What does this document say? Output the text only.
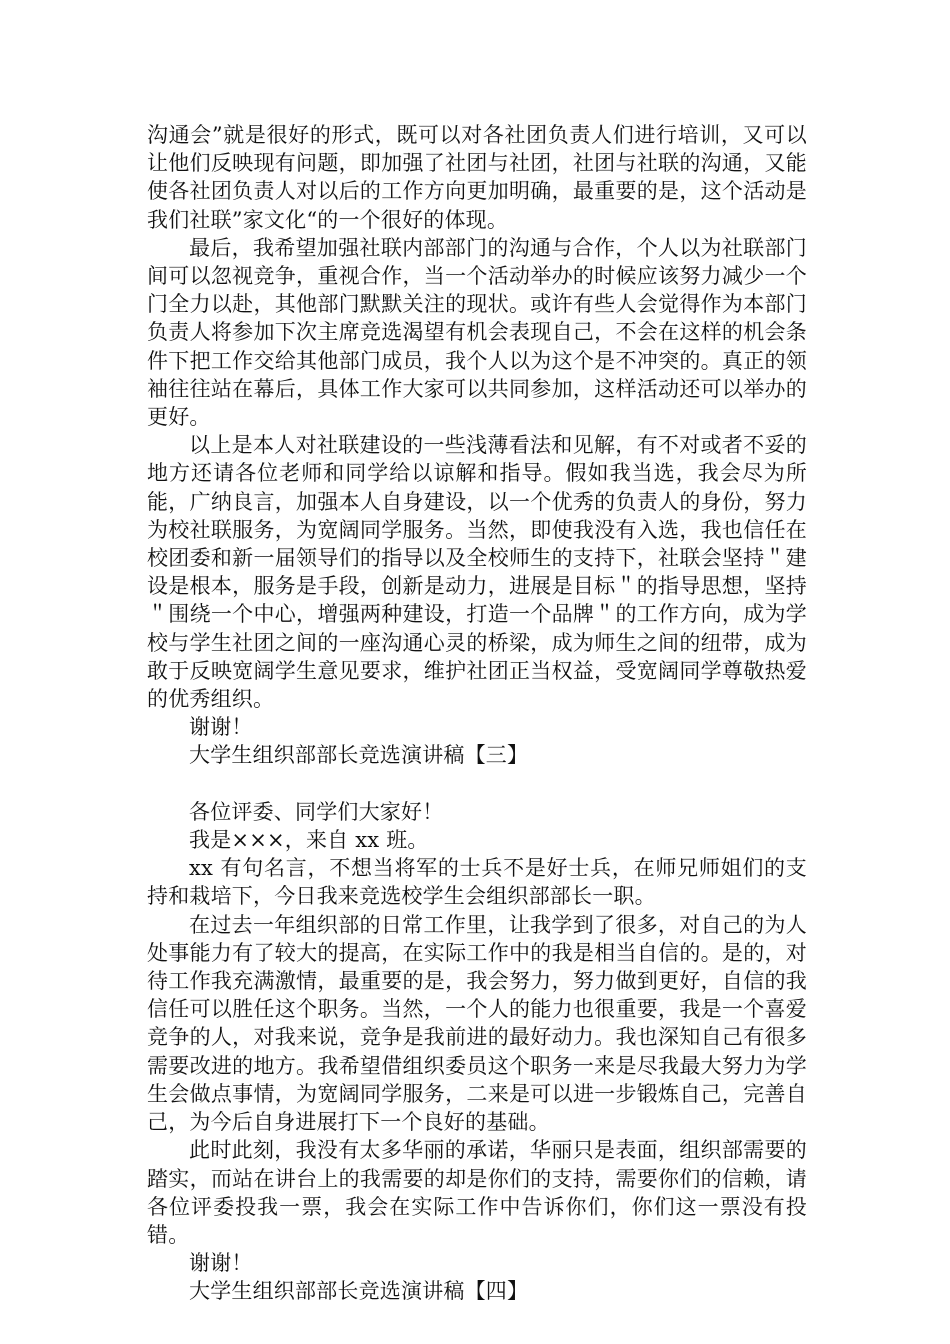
沟通会”就是很好的形式，既可以对各社团负责人们进行培训，又可以让他们反映现有问题，即加强了社团与社团，社团与社联的沟通，又能使各社团负责人对以后的工作方向更加明确，最重要的是，这个活动是我们社联”家文化“的一个很好的体现。

最后，我希望加强社联内部部门的沟通与合作，个人以为社联部门间可以忽视竞争，重视合作，当一个活动举办的时候应该努力减少一个门全力以赴，其他部门默默关注的现状。或许有些人会觉得作为本部门负责人将参加下次主席竞选渴望有机会表现自己，不会在这样的机会条件下把工作交给其他部门成员，我个人以为这个是不冲突的。真正的领袖往往站在幕后，具体工作大家可以共同参加，这样活动还可以举办的更好。

以上是本人对社联建设的一些浅薄看法和见解，有不对或者不妥的地方还请各位老师和同学给以谅解和指导。假如我当选，我会尽为所能，广纳良言，加强本人自身建设，以一个优秀的负责人的身份，努力为校社联服务，为宽阔同学服务。当然，即使我没有入选，我也信任在校团委和新一届领导们的指导以及全校师生的支持下，社联会坚持＂建设是根本，服务是手段，创新是动力，进展是目标＂的指导思想，坚持＂围绕一个中心，增强两种建设，打造一个品牌＂的工作方向，成为学校与学生社团之间的一座沟通心灵的桥梁，成为师生之间的纽带，成为敢于反映宽阔学生意见要求，维护社团正当权益，受宽阔同学尊敬热爱的优秀组织。

谢谢！

大学生组织部部长竞选演讲稿【三】

各位评委、同学们大家好！

我是×××，来自 xx 班。

xx 有句名言，不想当将军的士兵不是好士兵，在师兄师姐们的支持和栽培下，今日我来竞选校学生会组织部部长一职。

在过去一年组织部的日常工作里，让我学到了很多，对自己的为人处事能力有了较大的提高，在实际工作中的我是相当自信的。是的，对待工作我充满激情，最重要的是，我会努力，努力做到更好，自信的我信任可以胜任这个职务。当然，一个人的能力也很重要，我是一个喜爱竞争的人，对我来说，竞争是我前进的最好动力。我也深知自己有很多需要改进的地方。我希望借组织委员这个职务一来是尽我最大努力为学生会做点事情，为宽阔同学服务，二来是可以进一步锻炼自己，完善自己，为今后自身进展打下一个良好的基础。

此时此刻，我没有太多华丽的承诺，华丽只是表面，组织部需要的踏实，而站在讲台上的我需要的却是你们的支持，需要你们的信赖，请各位评委投我一票，我会在实际工作中告诉你们，你们这一票没有投错。

谢谢！

大学生组织部部长竞选演讲稿【四】
